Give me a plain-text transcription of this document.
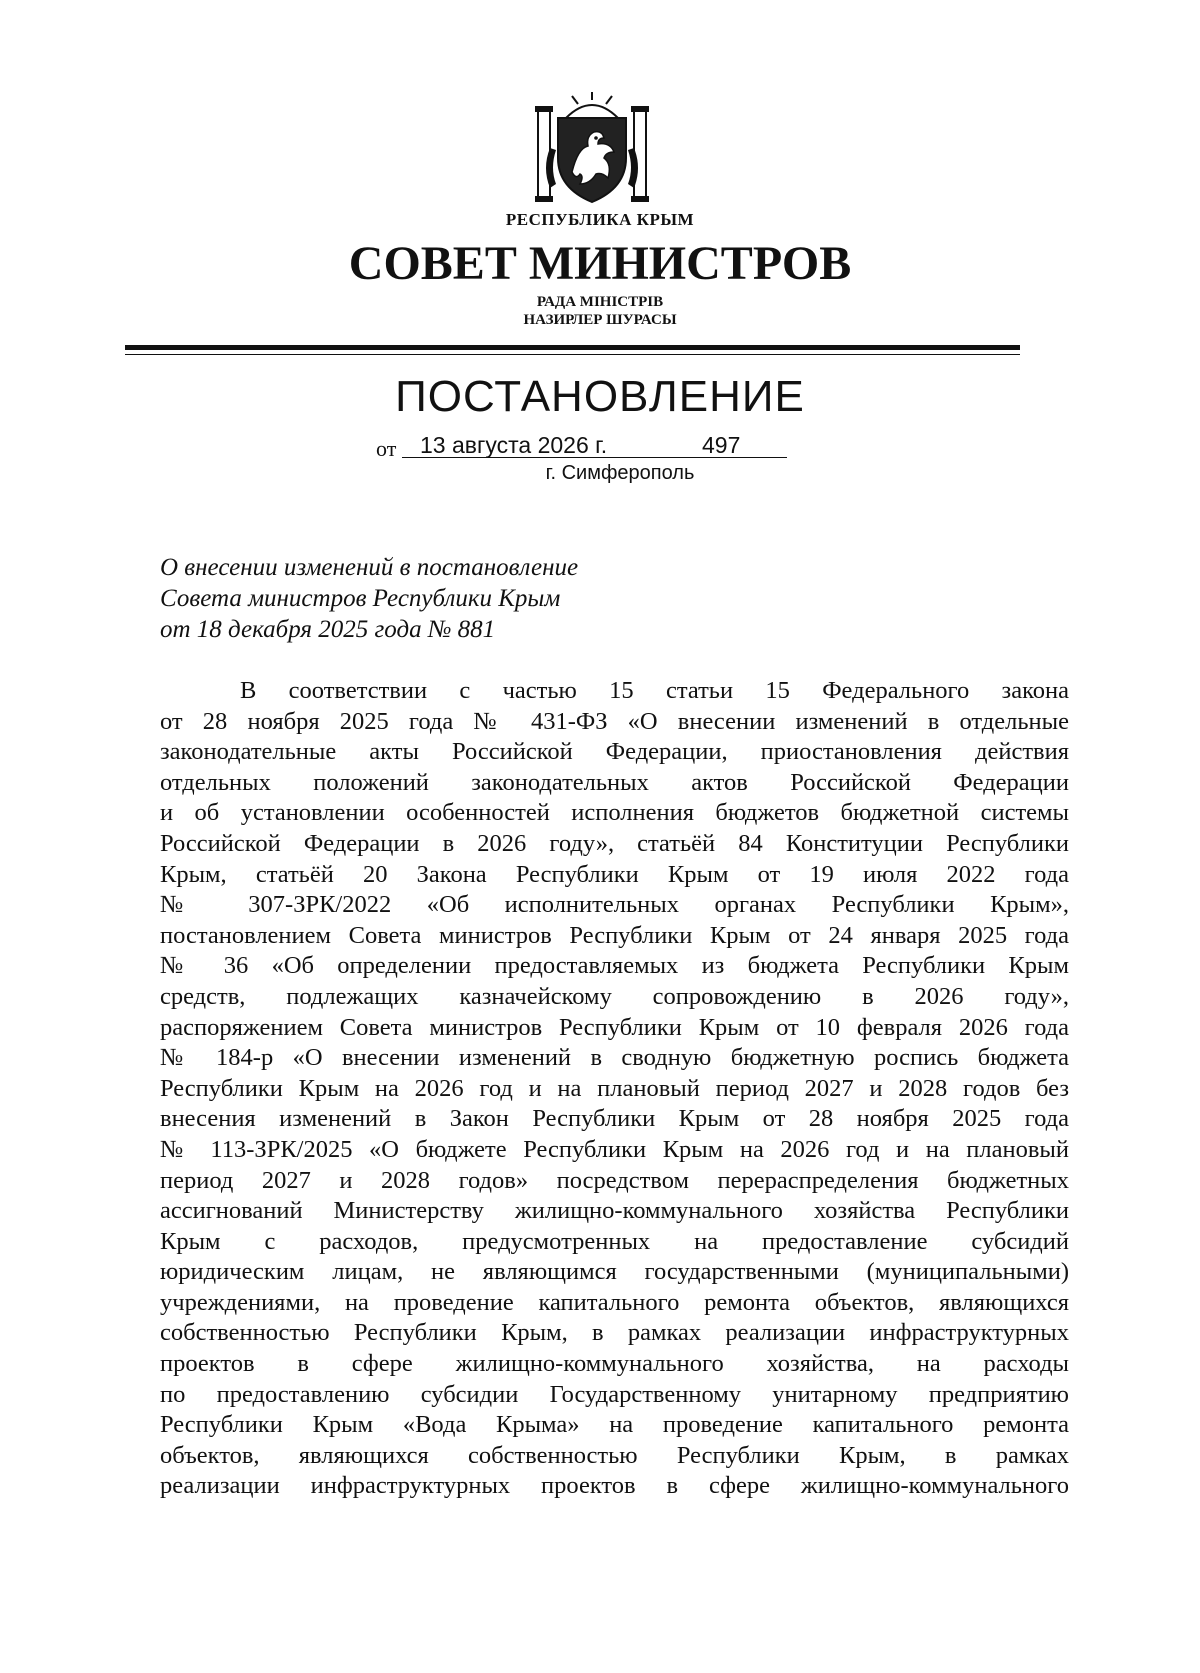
РЕСПУБЛИКА КРЫМ
СОВЕТ МИНИСТРОВ
РАДА МІНІСТРІВ
НАЗИРЛЕР ШУРАСЫ
ПОСТАНОВЛЕНИЕ
от 13 августа 2026 г.	497
г. Симферополь
О внесении изменений в постановление
Совета министров Республики Крым
от 18 декабря 2025 года № 881
В соответствии с частью 15 статьи 15 Федерального закона
от 28 ноября 2025 года № 431-ФЗ «О внесении изменений в отдельные
законодательные акты Российской Федерации, приостановления действия
отдельных положений законодательных актов Российской Федерации
и об установлении особенностей исполнения бюджетов бюджетной системы
Российской Федерации в 2026 году», статьёй 84 Конституции Республики
Крым, статьёй 20 Закона Республики Крым от 19 июля 2022 года
№ 307-ЗРК/2022 «Об исполнительных органах Республики Крым»,
постановлением Совета министров Республики Крым от 24 января 2025 года
№ 36 «Об определении предоставляемых из бюджета Республики Крым
средств, подлежащих казначейскому сопровождению в 2026 году»,
распоряжением Совета министров Республики Крым от 10 февраля 2026 года
№ 184-р «О внесении изменений в сводную бюджетную роспись бюджета
Республики Крым на 2026 год и на плановый период 2027 и 2028 годов без
внесения изменений в Закон Республики Крым от 28 ноября 2025 года
№ 113-ЗРК/2025 «О бюджете Республики Крым на 2026 год и на плановый
период 2027 и 2028 годов» посредством перераспределения бюджетных
ассигнований Министерству жилищно-коммунального хозяйства Республики
Крым с расходов, предусмотренных на предоставление субсидий
юридическим лицам, не являющимся государственными (муниципальными)
учреждениями, на проведение капитального ремонта объектов, являющихся
собственностью Республики Крым, в рамках реализации инфраструктурных
проектов в сфере жилищно-коммунального хозяйства, на расходы
по предоставлению субсидии Государственному унитарному предприятию
Республики Крым «Вода Крыма» на проведение капитального ремонта
объектов, являющихся собственностью Республики Крым, в рамках
реализации инфраструктурных проектов в сфере жилищно-коммунального
